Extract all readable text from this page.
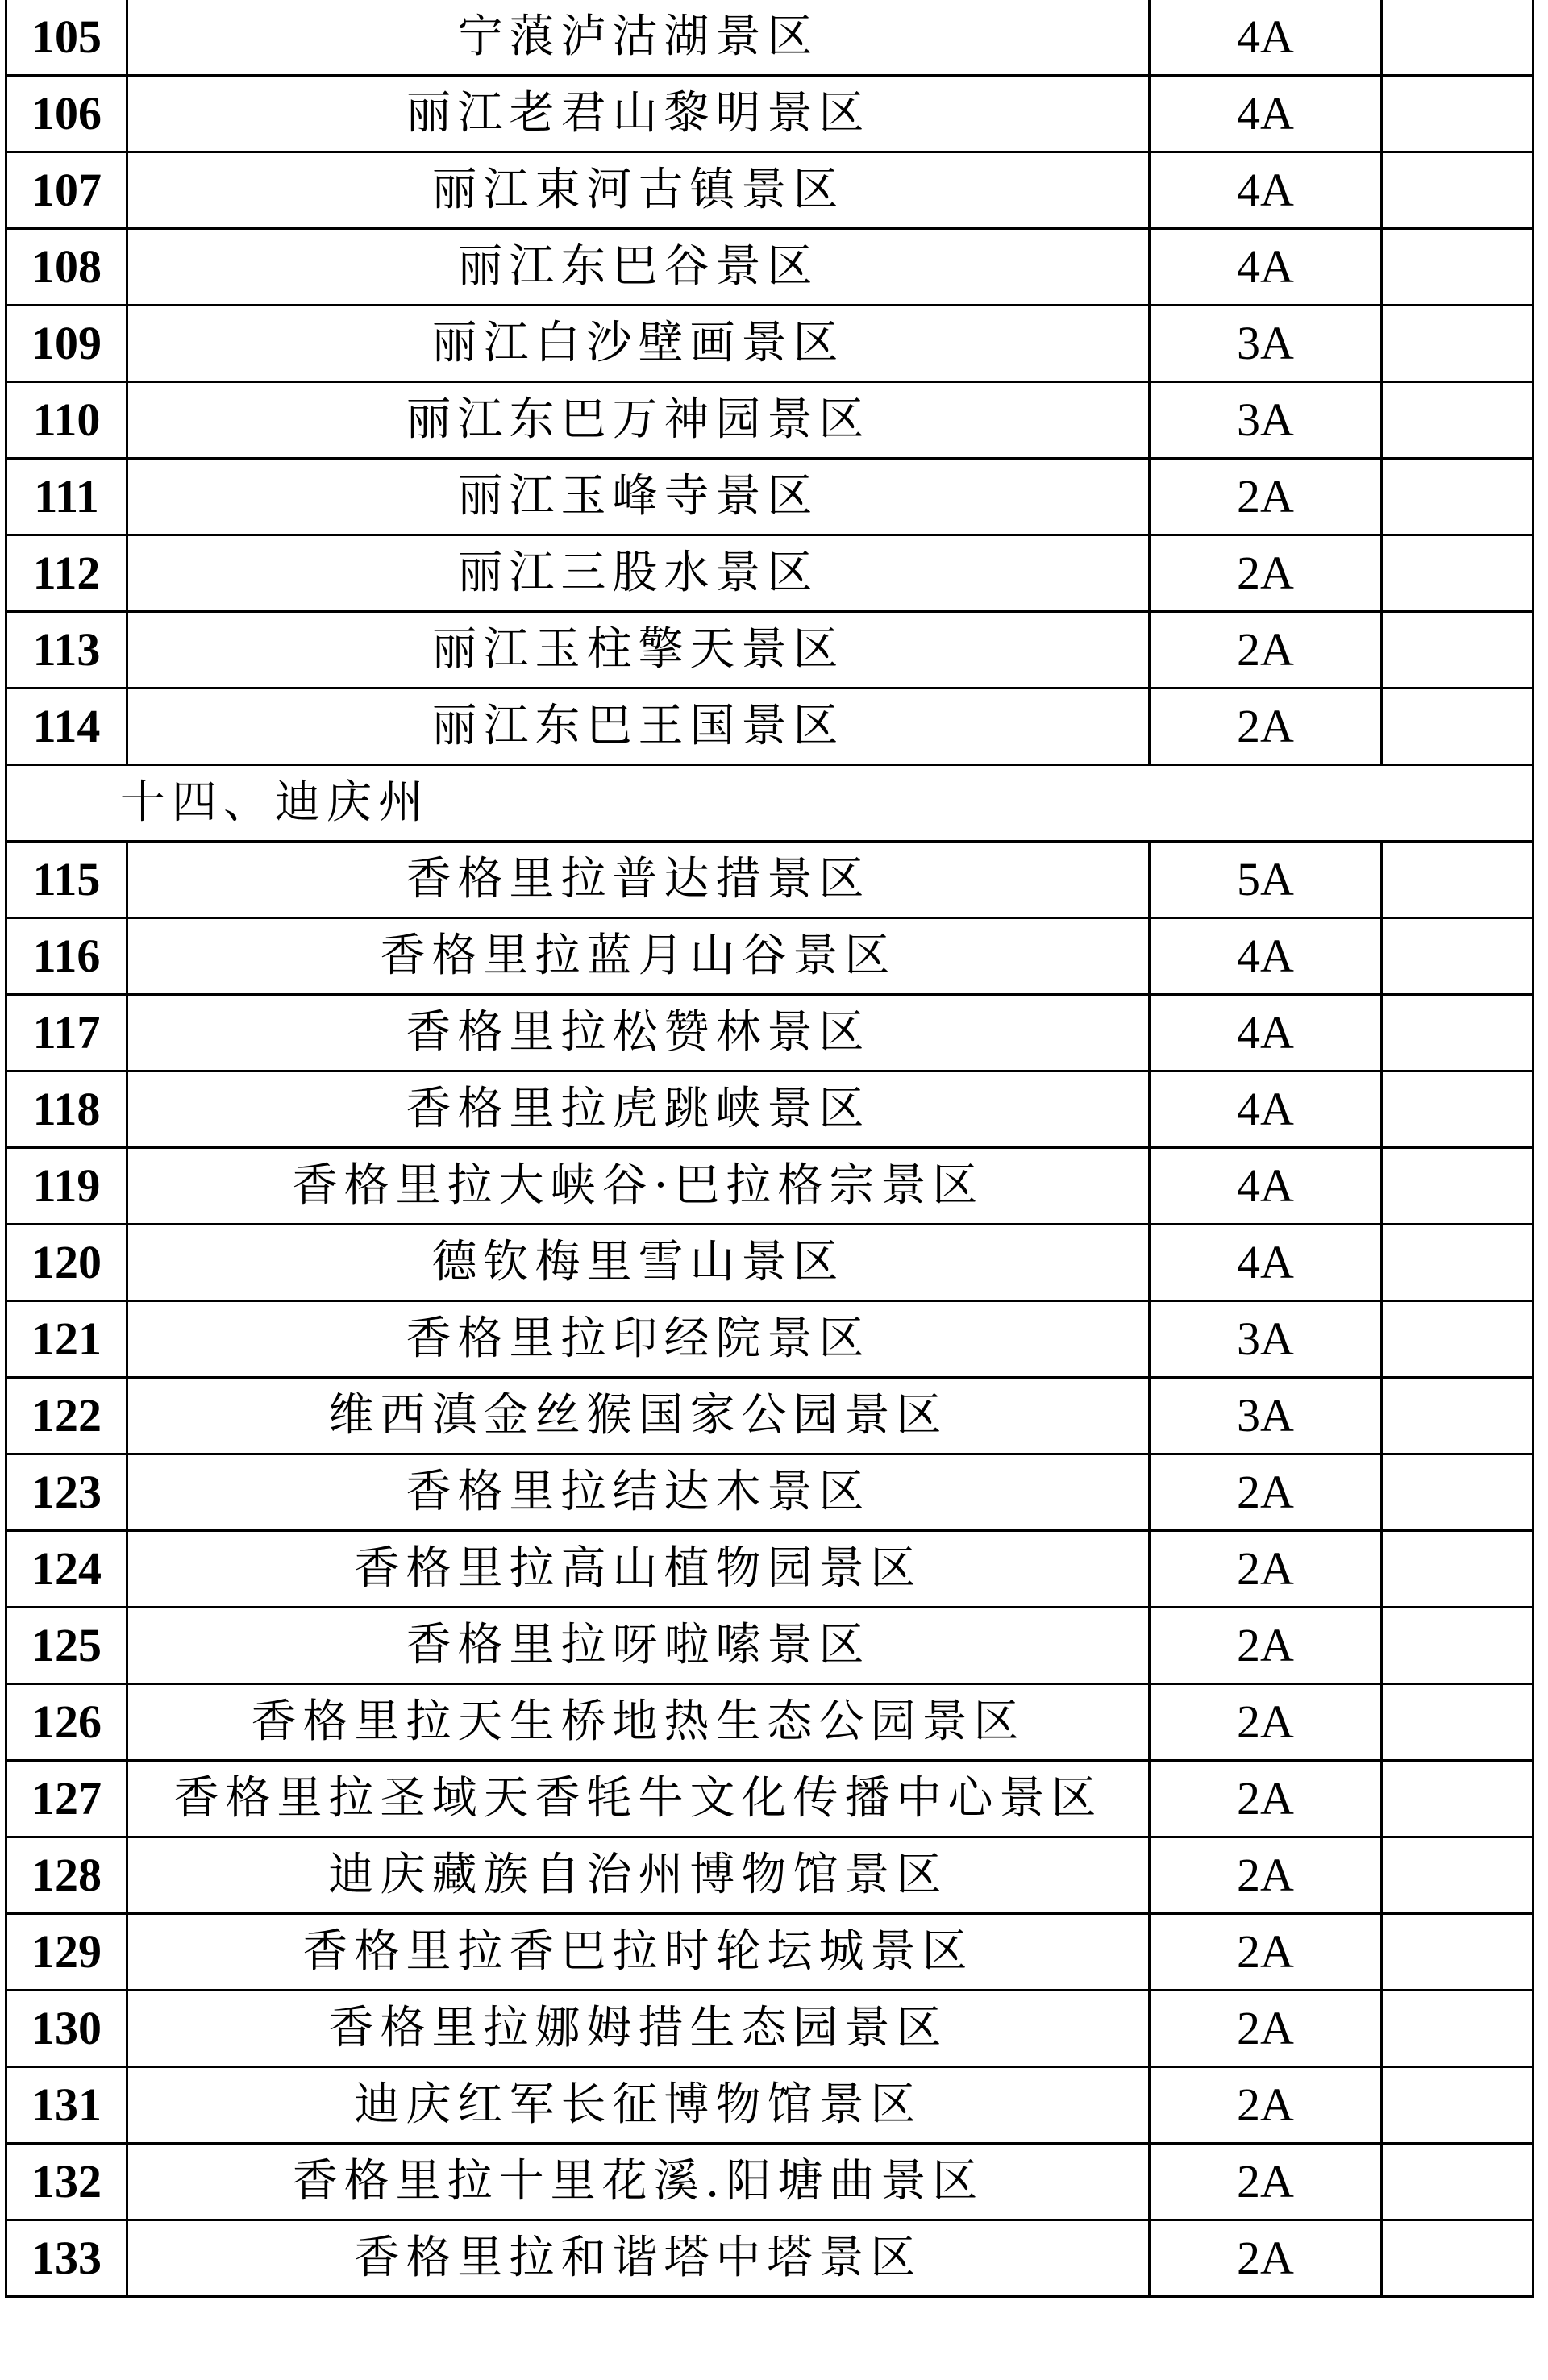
105	宁蒗泸沽湖景区	4A	
106	丽江老君山黎明景区	4A	
107	丽江束河古镇景区	4A	
108	丽江东巴谷景区	4A	
109	丽江白沙壁画景区	3A	
110	丽江东巴万神园景区	3A	
111	丽江玉峰寺景区	2A	
112	丽江三股水景区	2A	
113	丽江玉柱擎天景区	2A	
114	丽江东巴王国景区	2A	
十四、迪庆州			
115	香格里拉普达措景区	5A	
116	香格里拉蓝月山谷景区	4A	
117	香格里拉松赞林景区	4A	
118	香格里拉虎跳峡景区	4A	
119	香格里拉大峡谷·巴拉格宗景区	4A	
120	德钦梅里雪山景区	4A	
121	香格里拉印经院景区	3A	
122	维西滇金丝猴国家公园景区	3A	
123	香格里拉结达木景区	2A	
124	香格里拉高山植物园景区	2A	
125	香格里拉呀啦嗦景区	2A	
126	香格里拉天生桥地热生态公园景区	2A	
127	香格里拉圣域天香牦牛文化传播中心景区	2A	
128	迪庆藏族自治州博物馆景区	2A	
129	香格里拉香巴拉时轮坛城景区	2A	
130	香格里拉娜姆措生态园景区	2A	
131	迪庆红军长征博物馆景区	2A	
132	香格里拉十里花溪.阳塘曲景区	2A	
133	香格里拉和谐塔中塔景区	2A	
